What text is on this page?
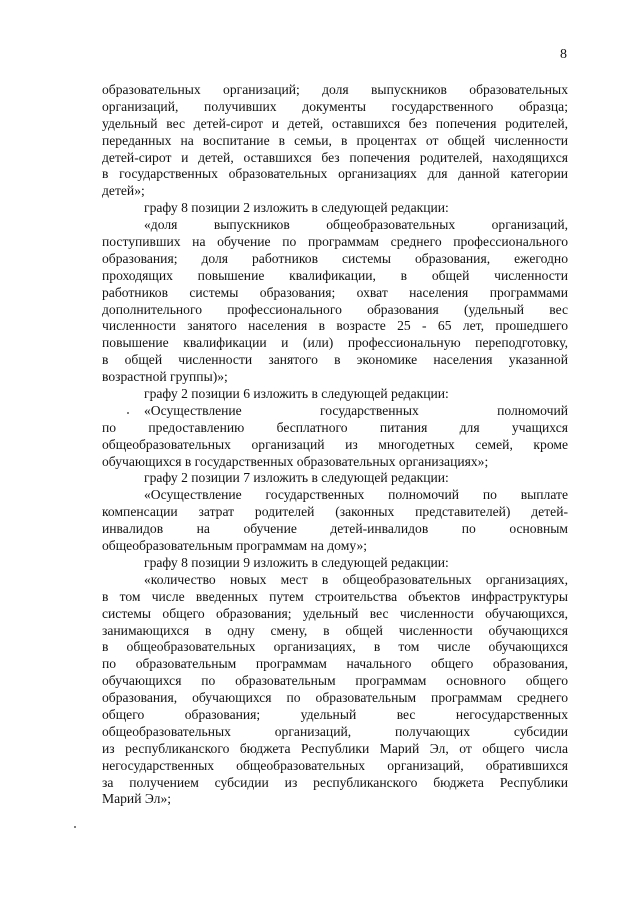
8
образовательных организаций; доля выпускников образовательных
организаций, получивших документы государственного образца;
удельный вес детей-сирот и детей, оставшихся без попечения родителей,
переданных на воспитание в семьи, в процентах от общей численности
детей-сирот и детей, оставшихся без попечения родителей, находящихся
в государственных образовательных организациях для данной категории
детей»;
графу 8 позиции 2 изложить в следующей редакции:
«доля выпускников общеобразовательных организаций,
поступивших на обучение по программам среднего профессионального
образования; доля работников системы образования, ежегодно
проходящих повышение квалификации, в общей численности
работников системы образования; охват населения программами
дополнительного профессионального образования (удельный вес
численности занятого населения в возрасте 25 - 65 лет, прошедшего
повышение квалификации и (или) профессиональную переподготовку,
в общей численности занятого в экономике населения указанной
возрастной группы)»;
графу 2 позиции 6 изложить в следующей редакции:
«Осуществление государственных полномочий
по предоставлению бесплатного питания для учащихся
общеобразовательных организаций из многодетных семей, кроме
обучающихся в государственных образовательных организациях»;
графу 2 позиции 7 изложить в следующей редакции:
«Осуществление государственных полномочий по выплате
компенсации затрат родителей (законных представителей) детей-
инвалидов на обучение детей-инвалидов по основным
общеобразовательным программам на дому»;
графу 8 позиции 9 изложить в следующей редакции:
«количество новых мест в общеобразовательных организациях,
в том числе введенных путем строительства объектов инфраструктуры
системы общего образования; удельный вес численности обучающихся,
занимающихся в одну смену, в общей численности обучающихся
в общеобразовательных организациях, в том числе обучающихся
по образовательным программам начального общего образования,
обучающихся по образовательным программам основного общего
образования, обучающихся по образовательным программам среднего
общего образования; удельный вес негосударственных
общеобразовательных организаций, получающих субсидии
из республиканского бюджета Республики Марий Эл, от общего числа
негосударственных общеобразовательных организаций, обратившихся
за получением субсидии из республиканского бюджета Республики
Марий Эл»;
